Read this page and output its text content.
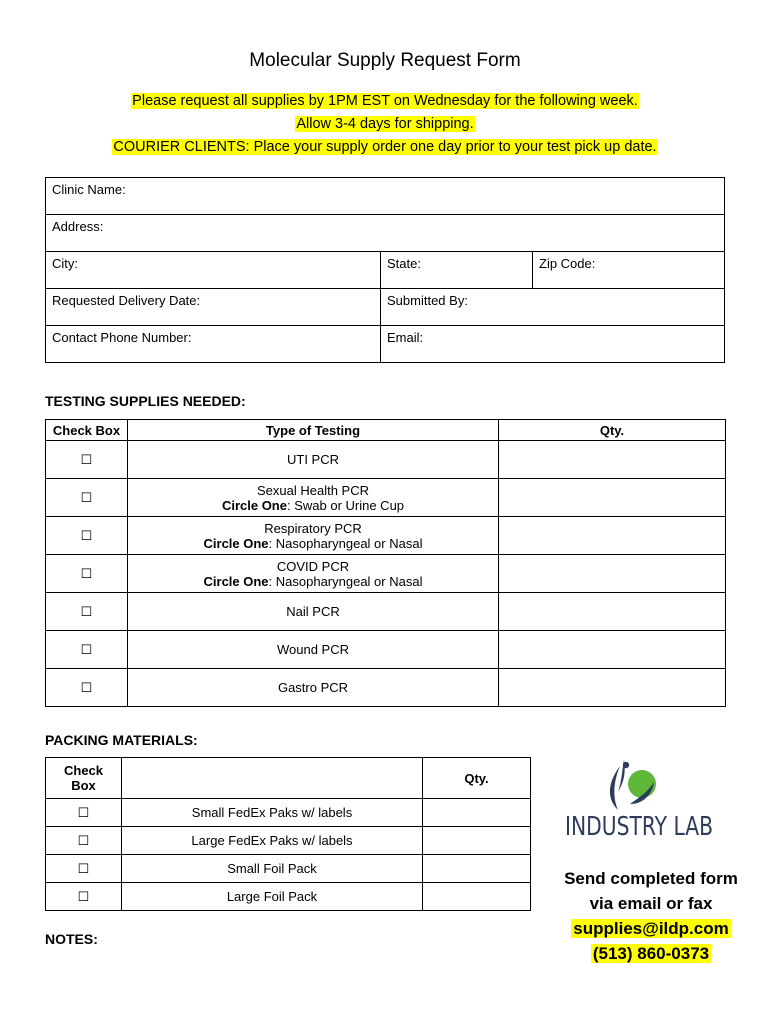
Molecular Supply Request Form
Please request all supplies by 1PM EST on Wednesday for the following week.
Allow 3-4 days for shipping.
COURIER CLIENTS: Place your supply order one day prior to your test pick up date.
Clinic Name:		
Address:		
City:	State:	Zip Code:
Requested Delivery Date:	Submitted By:	
Contact Phone Number:	Email:	
TESTING SUPPLIES NEEDED:
Check Box	Type of Testing	Qty.
☐	UTI PCR	
☐	Sexual Health PCR
Circle One: Swab or Urine Cup	

☐	Respiratory PCR
Circle One: Nasopharyngeal or Nasal	

☐	COVID PCR
Circle One: Nasopharyngeal or Nasal	

☐	Nail PCR	
☐	Wound PCR	
☐	Gastro PCR	
PACKING MATERIALS:
Check
Box		Qty.
☐	Small FedEx Paks w/ labels	
☐	Large FedEx Paks w/ labels	
☐	Small Foil Pack	
☐	Large Foil Pack	
NOTES:
INDUSTRY LAB
Send completed form
via email or fax
supplies@ildp.com
(513) 860-0373
